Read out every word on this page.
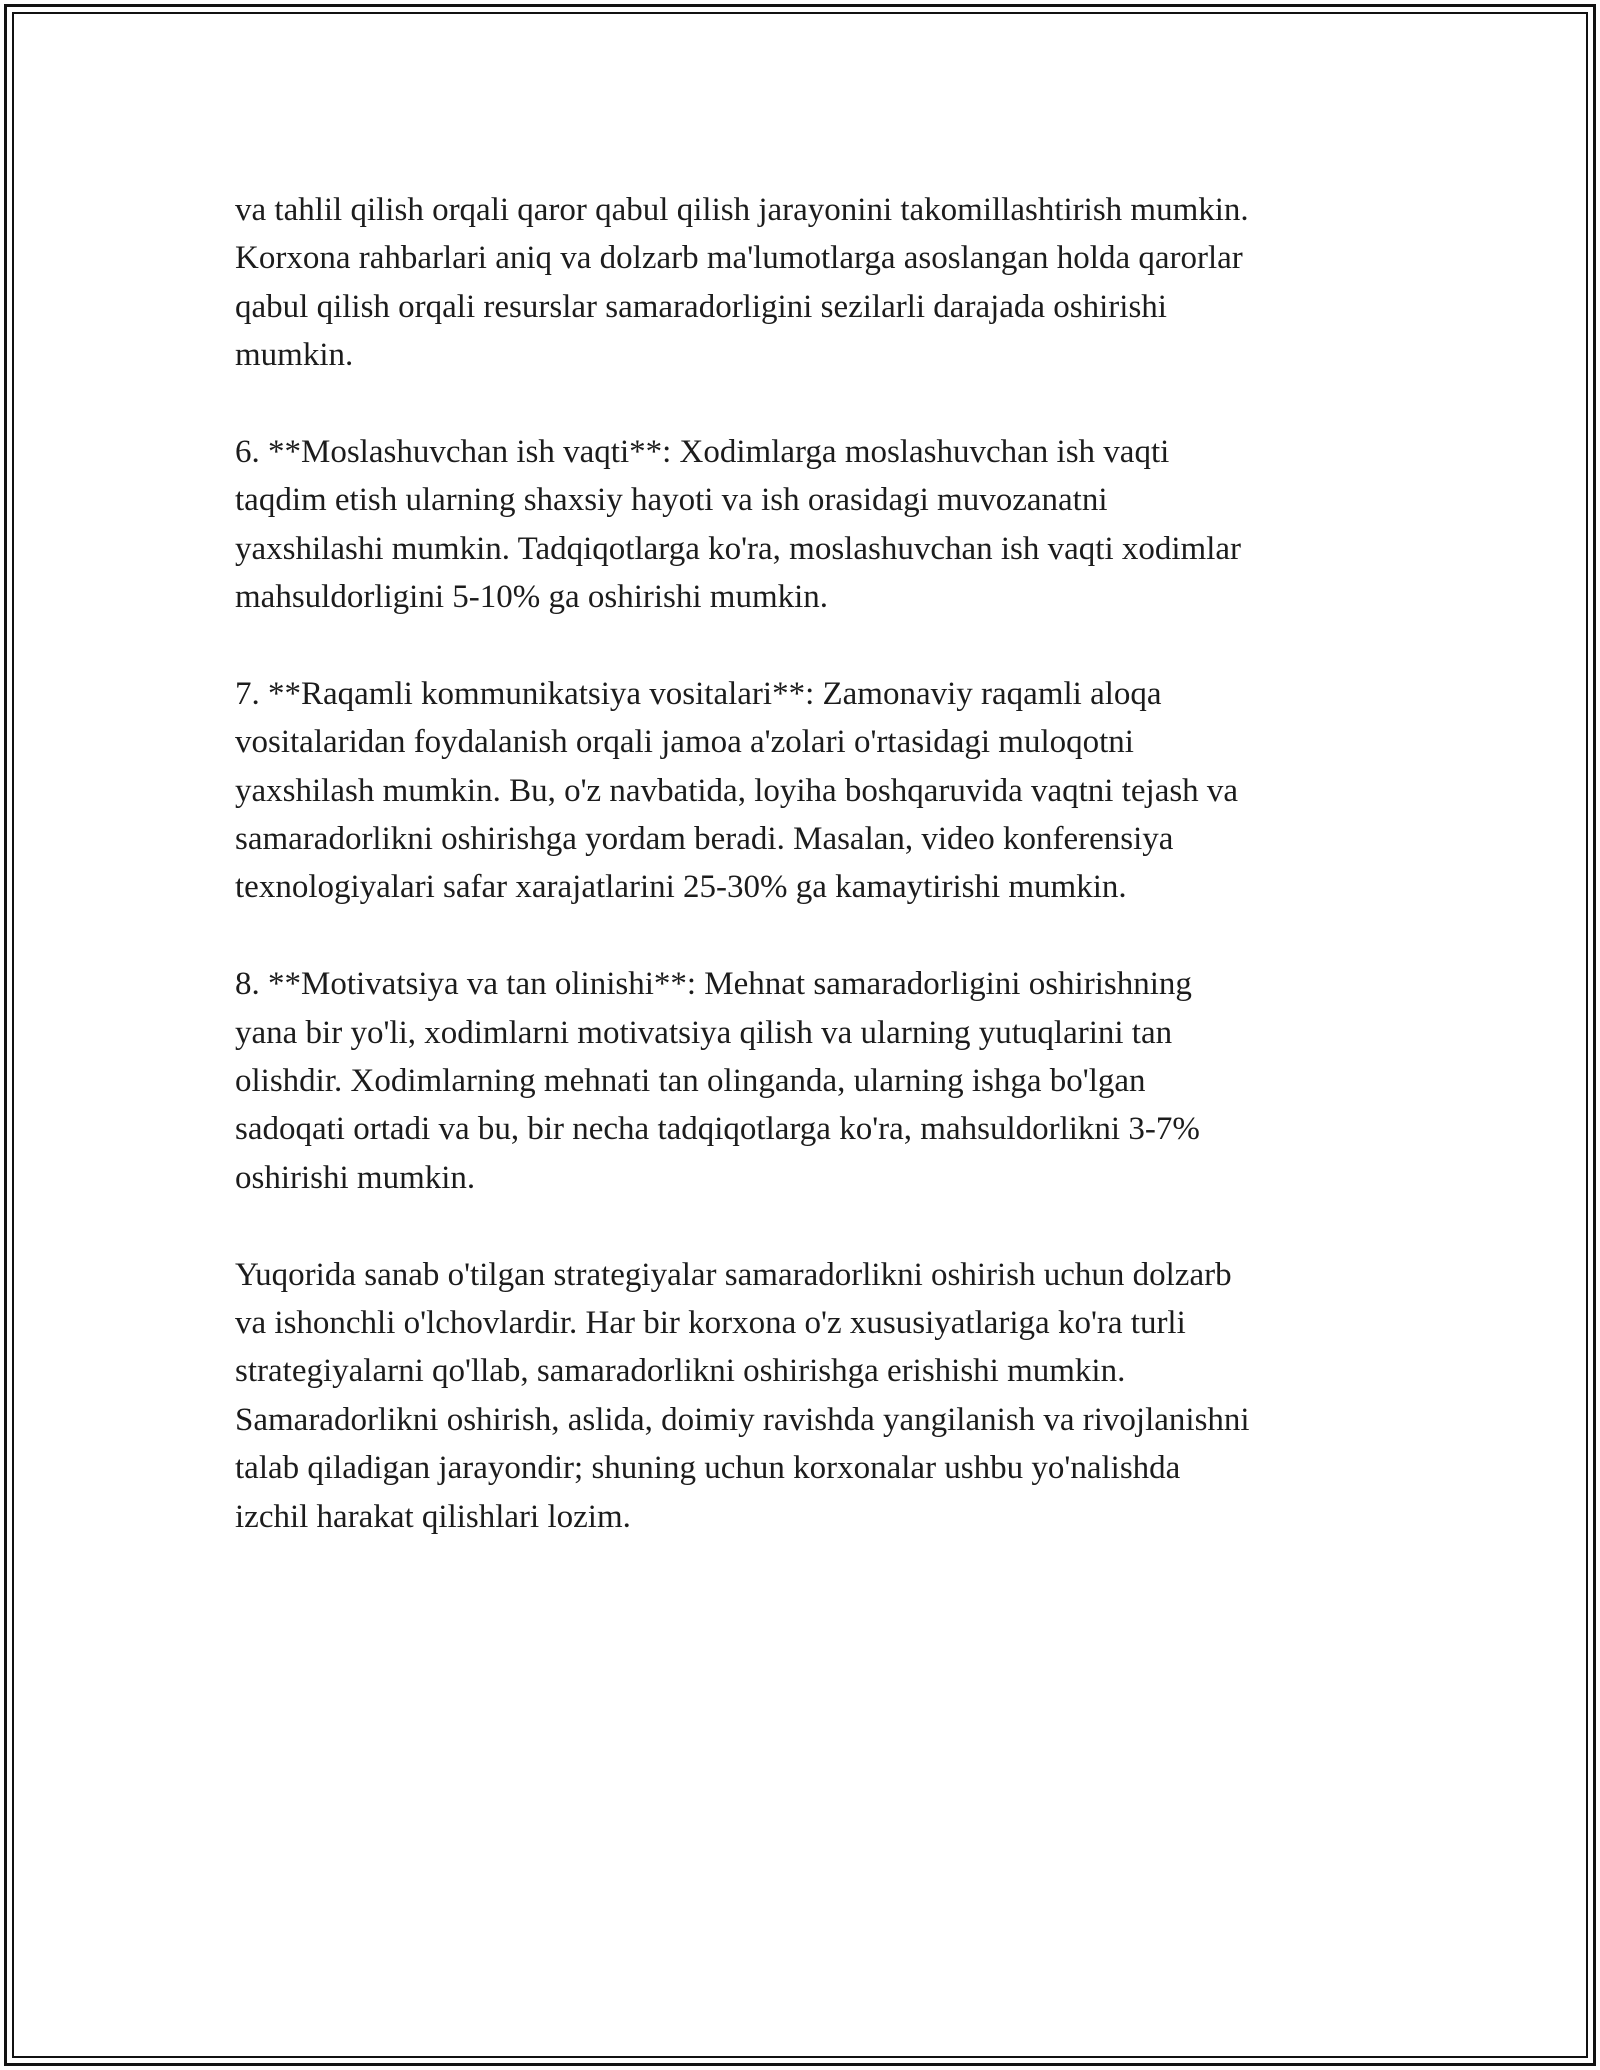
va tahlil qilish orqali qaror qabul qilish jarayonini takomillashtirish mumkin.
Korxona rahbarlari aniq va dolzarb ma'lumotlarga asoslangan holda qarorlar
qabul qilish orqali resurslar samaradorligini sezilarli darajada oshirishi
mumkin.

6. **Moslashuvchan ish vaqti**: Xodimlarga moslashuvchan ish vaqti
taqdim etish ularning shaxsiy hayoti va ish orasidagi muvozanatni
yaxshilashi mumkin. Tadqiqotlarga ko'ra, moslashuvchan ish vaqti xodimlar
mahsuldorligini 5-10% ga oshirishi mumkin.

7. **Raqamli kommunikatsiya vositalari**: Zamonaviy raqamli aloqa
vositalaridan foydalanish orqali jamoa a'zolari o'rtasidagi muloqotni
yaxshilash mumkin. Bu, o'z navbatida, loyiha boshqaruvida vaqtni tejash va
samaradorlikni oshirishga yordam beradi. Masalan, video konferensiya
texnologiyalari safar xarajatlarini 25-30% ga kamaytirishi mumkin.

8. **Motivatsiya va tan olinishi**: Mehnat samaradorligini oshirishning
yana bir yo'li, xodimlarni motivatsiya qilish va ularning yutuqlarini tan
olishdir. Xodimlarning mehnati tan olinganda, ularning ishga bo'lgan
sadoqati ortadi va bu, bir necha tadqiqotlarga ko'ra, mahsuldorlikni 3-7%
oshirishi mumkin.

Yuqorida sanab o'tilgan strategiyalar samaradorlikni oshirish uchun dolzarb
va ishonchli o'lchovlardir. Har bir korxona o'z xususiyatlariga ko'ra turli
strategiyalarni qo'llab, samaradorlikni oshirishga erishishi mumkin.
Samaradorlikni oshirish, aslida, doimiy ravishda yangilanish va rivojlanishni
talab qiladigan jarayondir; shuning uchun korxonalar ushbu yo'nalishda
izchil harakat qilishlari lozim.
